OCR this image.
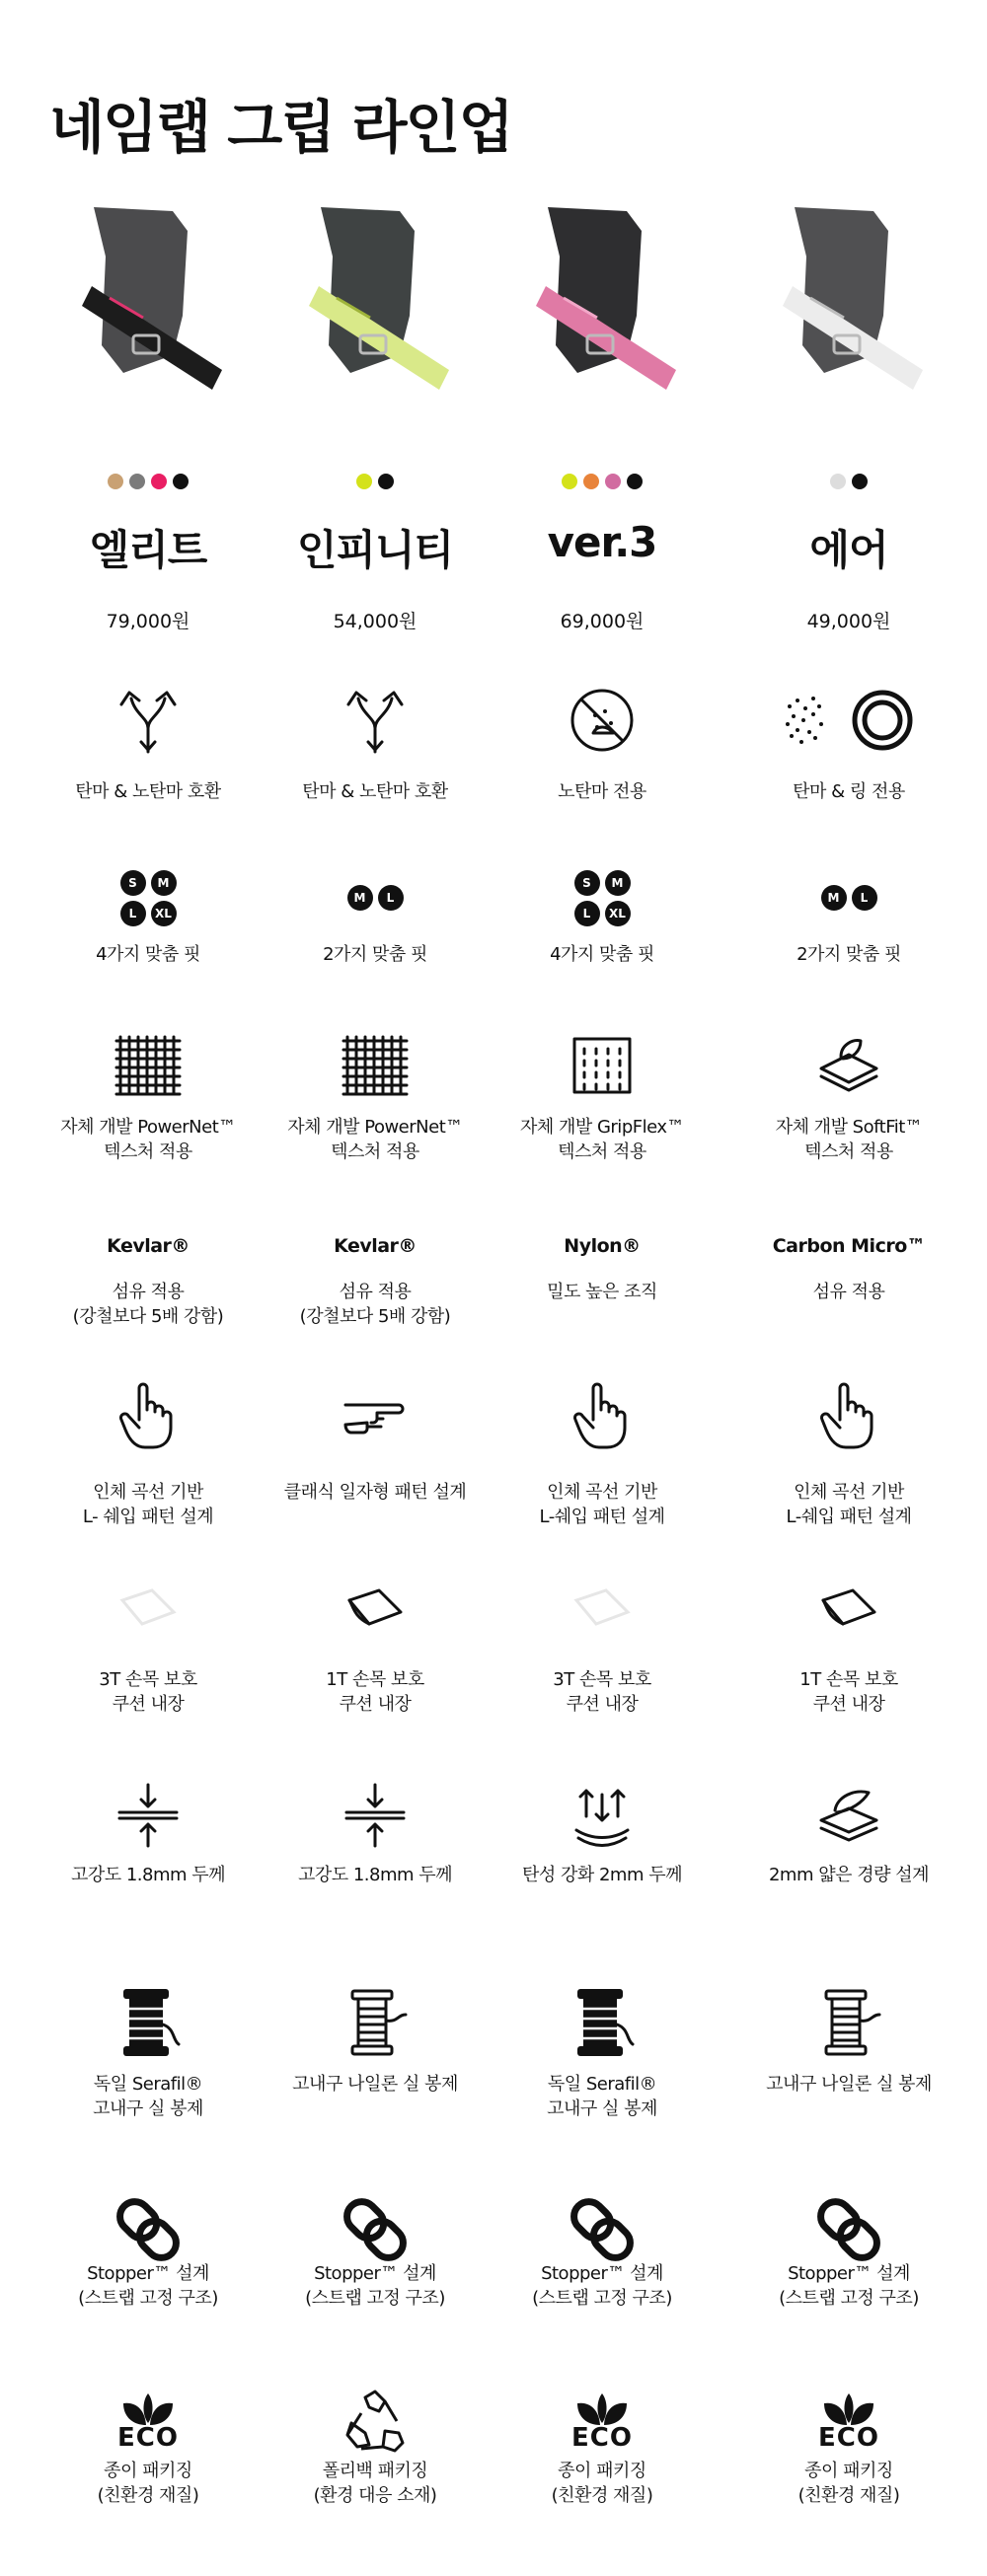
네임랩 그립 라인업
엘리트
79,000원
탄마 & 노탄마 호환
S	M
L	XL
4가지 맞춤 핏
자체 개발 PowerNet™
텍스처 적용
Kevlar®
섬유 적용
(강철보다 5배 강함)
인체 곡선 기반
L- 쉐입 패턴 설계
3T 손목 보호
쿠션 내장
고강도 1.8mm 두께
독일 Serafil®
고내구 실 봉제
Stopper™ 설계
(스트랩 고정 구조)
ECO
종이 패키징
(친환경 재질)
인피니티
54,000원
탄마 & 노탄마 호환
M	L
2가지 맞춤 핏
자체 개발 PowerNet™
텍스처 적용
Kevlar®
섬유 적용
(강철보다 5배 강함)
클래식 일자형 패턴 설계
1T 손목 보호
쿠션 내장
고강도 1.8mm 두께
고내구 나일론 실 봉제
Stopper™ 설계
(스트랩 고정 구조)
폴리백 패키징
(환경 대응 소재)
ver.3
69,000원
노탄마 전용
S	M
L	XL
4가지 맞춤 핏
자체 개발 GripFlex™
텍스처 적용
Nylon®
밀도 높은 조직
인체 곡선 기반
L-쉐입 패턴 설계
3T 손목 보호
쿠션 내장
탄성 강화 2mm 두께
독일 Serafil®
고내구 실 봉제
Stopper™ 설계
(스트랩 고정 구조)
ECO
종이 패키징
(친환경 재질)
에어
49,000원
탄마 & 링 전용
M	L
2가지 맞춤 핏
자체 개발 SoftFit™
텍스처 적용
Carbon Micro™
섬유 적용
인체 곡선 기반
L-쉐입 패턴 설계
1T 손목 보호
쿠션 내장
2mm 얇은 경량 설계
고내구 나일론 실 봉제
Stopper™ 설계
(스트랩 고정 구조)
ECO
종이 패키징
(친환경 재질)
